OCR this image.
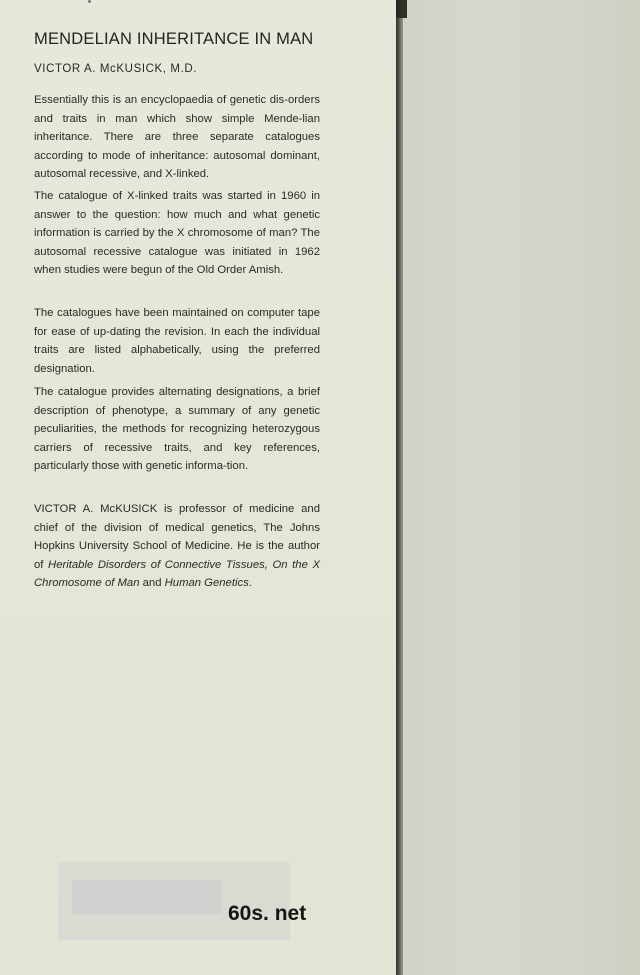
MENDELIAN INHERITANCE IN MAN
VICTOR A. McKUSICK, M.D.
Essentially this is an encyclopaedia of genetic dis-orders and traits in man which show simple Mende-lian inheritance. There are three separate catalogues according to mode of inheritance: autosomal dominant, autosomal recessive, and X-linked.
The catalogue of X-linked traits was started in 1960 in answer to the question: how much and what genetic information is carried by the X chromosome of man? The autosomal recessive catalogue was initiated in 1962 when studies were begun of the Old Order Amish.
The catalogues have been maintained on computer tape for ease of up-dating the revision. In each the individual traits are listed alphabetically, using the preferred designation.
The catalogue provides alternating designations, a brief description of phenotype, a summary of any genetic peculiarities, the methods for recognizing heterozygous carriers of recessive traits, and key references, particularly those with genetic informa-tion.
VICTOR A. McKUSICK is professor of medicine and chief of the division of medical genetics, The Johns Hopkins University School of Medicine. He is the author of Heritable Disorders of Connective Tissues, On the X Chromosome of Man and Human Genetics.
60s. net
